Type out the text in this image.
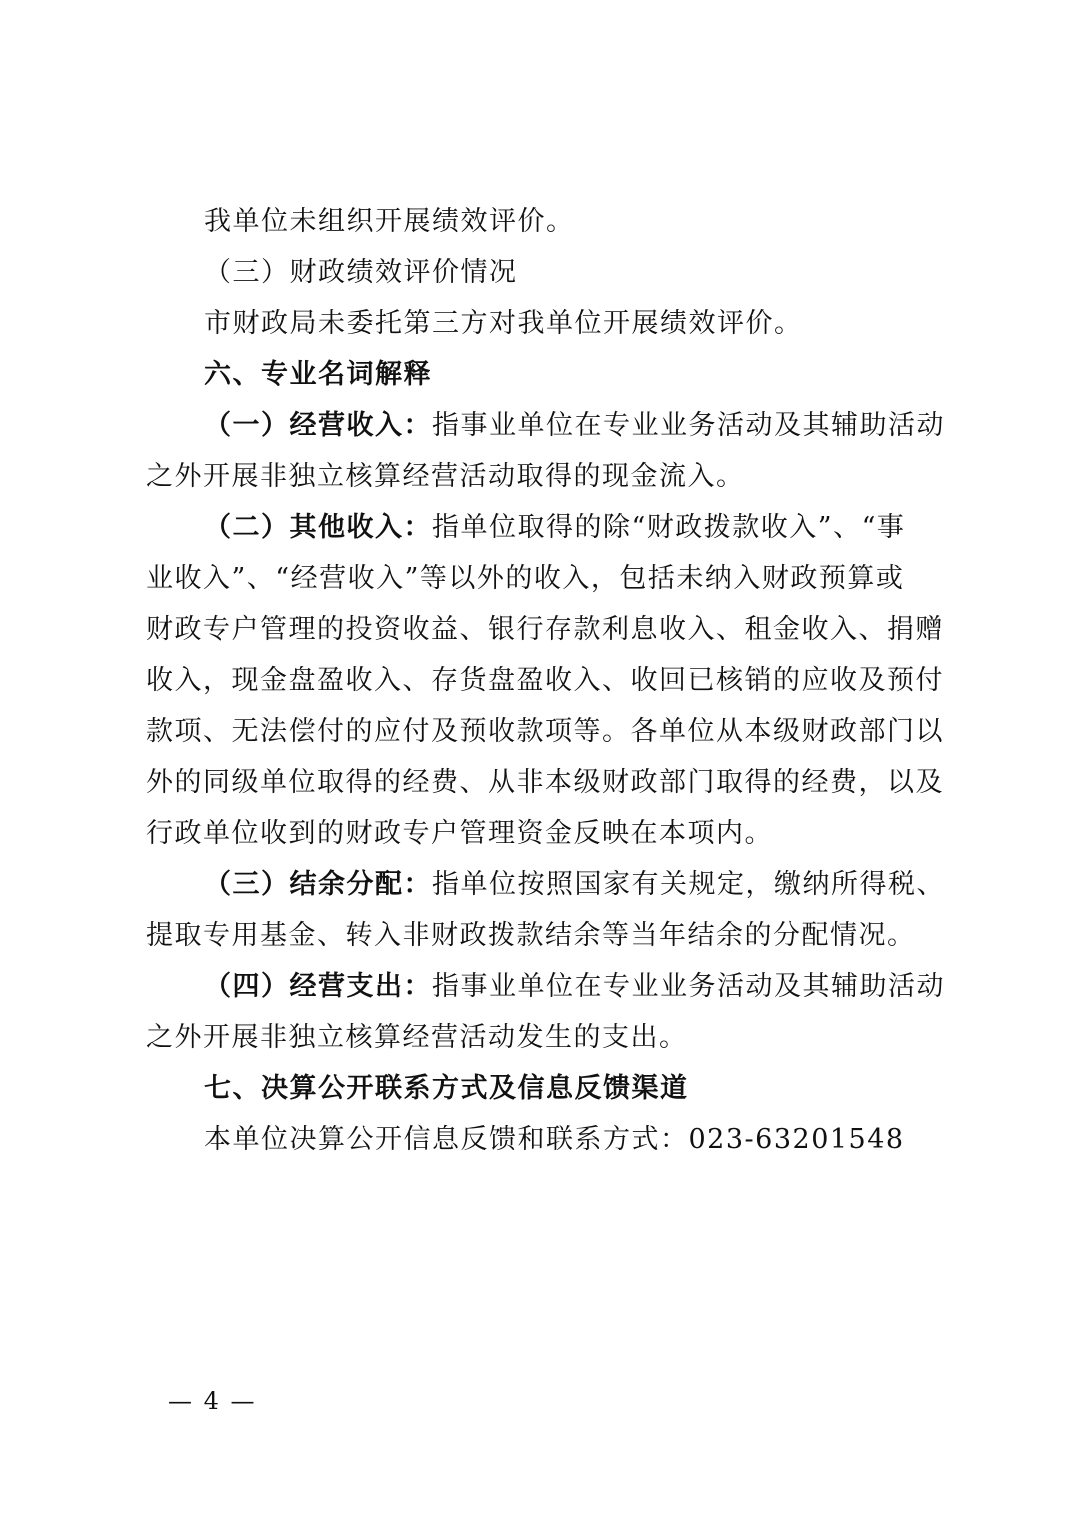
我单位未组织开展绩效评价。
（三）财政绩效评价情况
市财政局未委托第三方对我单位开展绩效评价。
六、专业名词解释
（一）经营收入：指事业单位在专业业务活动及其辅助活动
之外开展非独立核算经营活动取得的现金流入。
（二）其他收入：指单位取得的除“财政拨款收入”、“事
业收入”、“经营收入”等以外的收入，包括未纳入财政预算或
财政专户管理的投资收益、银行存款利息收入、租金收入、捐赠
收入，现金盘盈收入、存货盘盈收入、收回已核销的应收及预付
款项、无法偿付的应付及预收款项等。各单位从本级财政部门以
外的同级单位取得的经费、从非本级财政部门取得的经费，以及
行政单位收到的财政专户管理资金反映在本项内。
（三）结余分配：指单位按照国家有关规定，缴纳所得税、
提取专用基金、转入非财政拨款结余等当年结余的分配情况。
（四）经营支出：指事业单位在专业业务活动及其辅助活动
之外开展非独立核算经营活动发生的支出。
七、决算公开联系方式及信息反馈渠道
本单位决算公开信息反馈和联系方式：023-63201548
— 4 —
